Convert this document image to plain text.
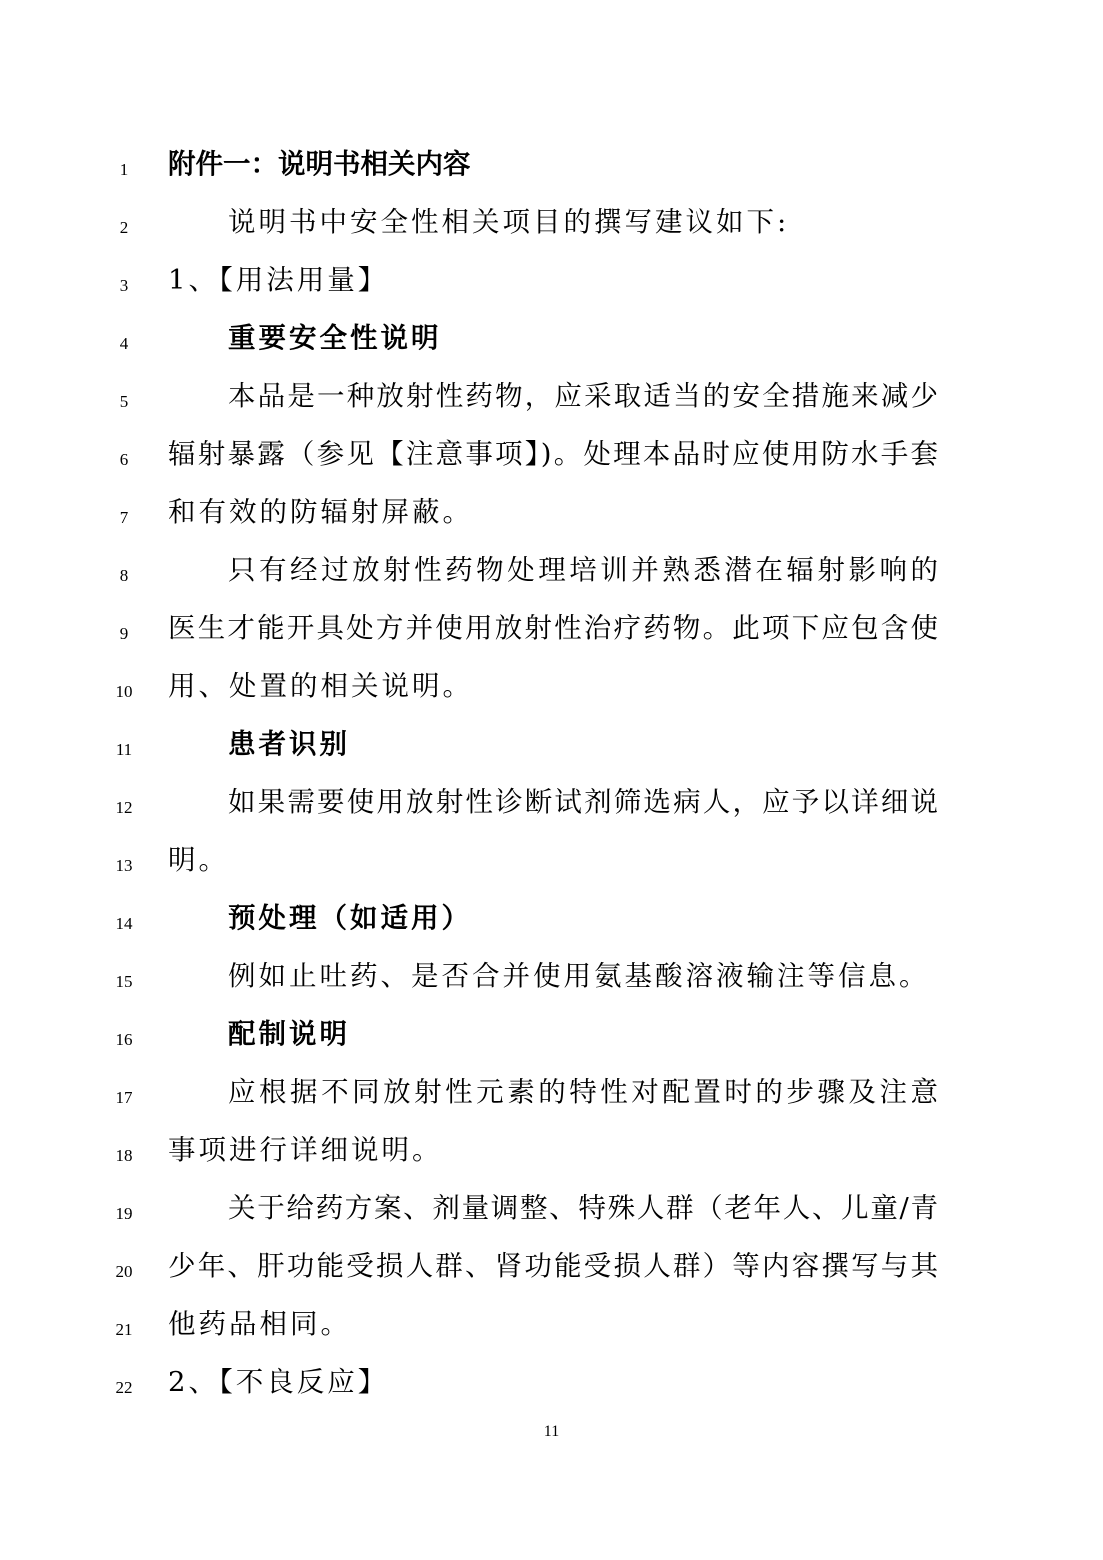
1	附件一：说明书相关内容
2	说明书中安全性相关项目的撰写建议如下:
3	1、【用法用量】
4	重要安全性说明
5	本品是一种放射性药物，应采取适当的安全措施来减少
6	辐射暴露（参见【注意事项】)。处理本品时应使用防水手套
7	和有效的防辐射屏蔽。
8	只有经过放射性药物处理培训并熟悉潜在辐射影响的
9	医生才能开具处方并使用放射性治疗药物。此项下应包含使
10	用、处置的相关说明。
11	患者识别
12	如果需要使用放射性诊断试剂筛选病人，应予以详细说
13	明。
14	预处理（如适用）
15	例如止吐药、是否合并使用氨基酸溶液输注等信息。
16	配制说明
17	应根据不同放射性元素的特性对配置时的步骤及注意
18	事项进行详细说明。
19	关于给药方案、剂量调整、特殊人群（老年人、儿童/青
20	少年、肝功能受损人群、肾功能受损人群）等内容撰写与其
21	他药品相同。
22	2、【不良反应】
11
